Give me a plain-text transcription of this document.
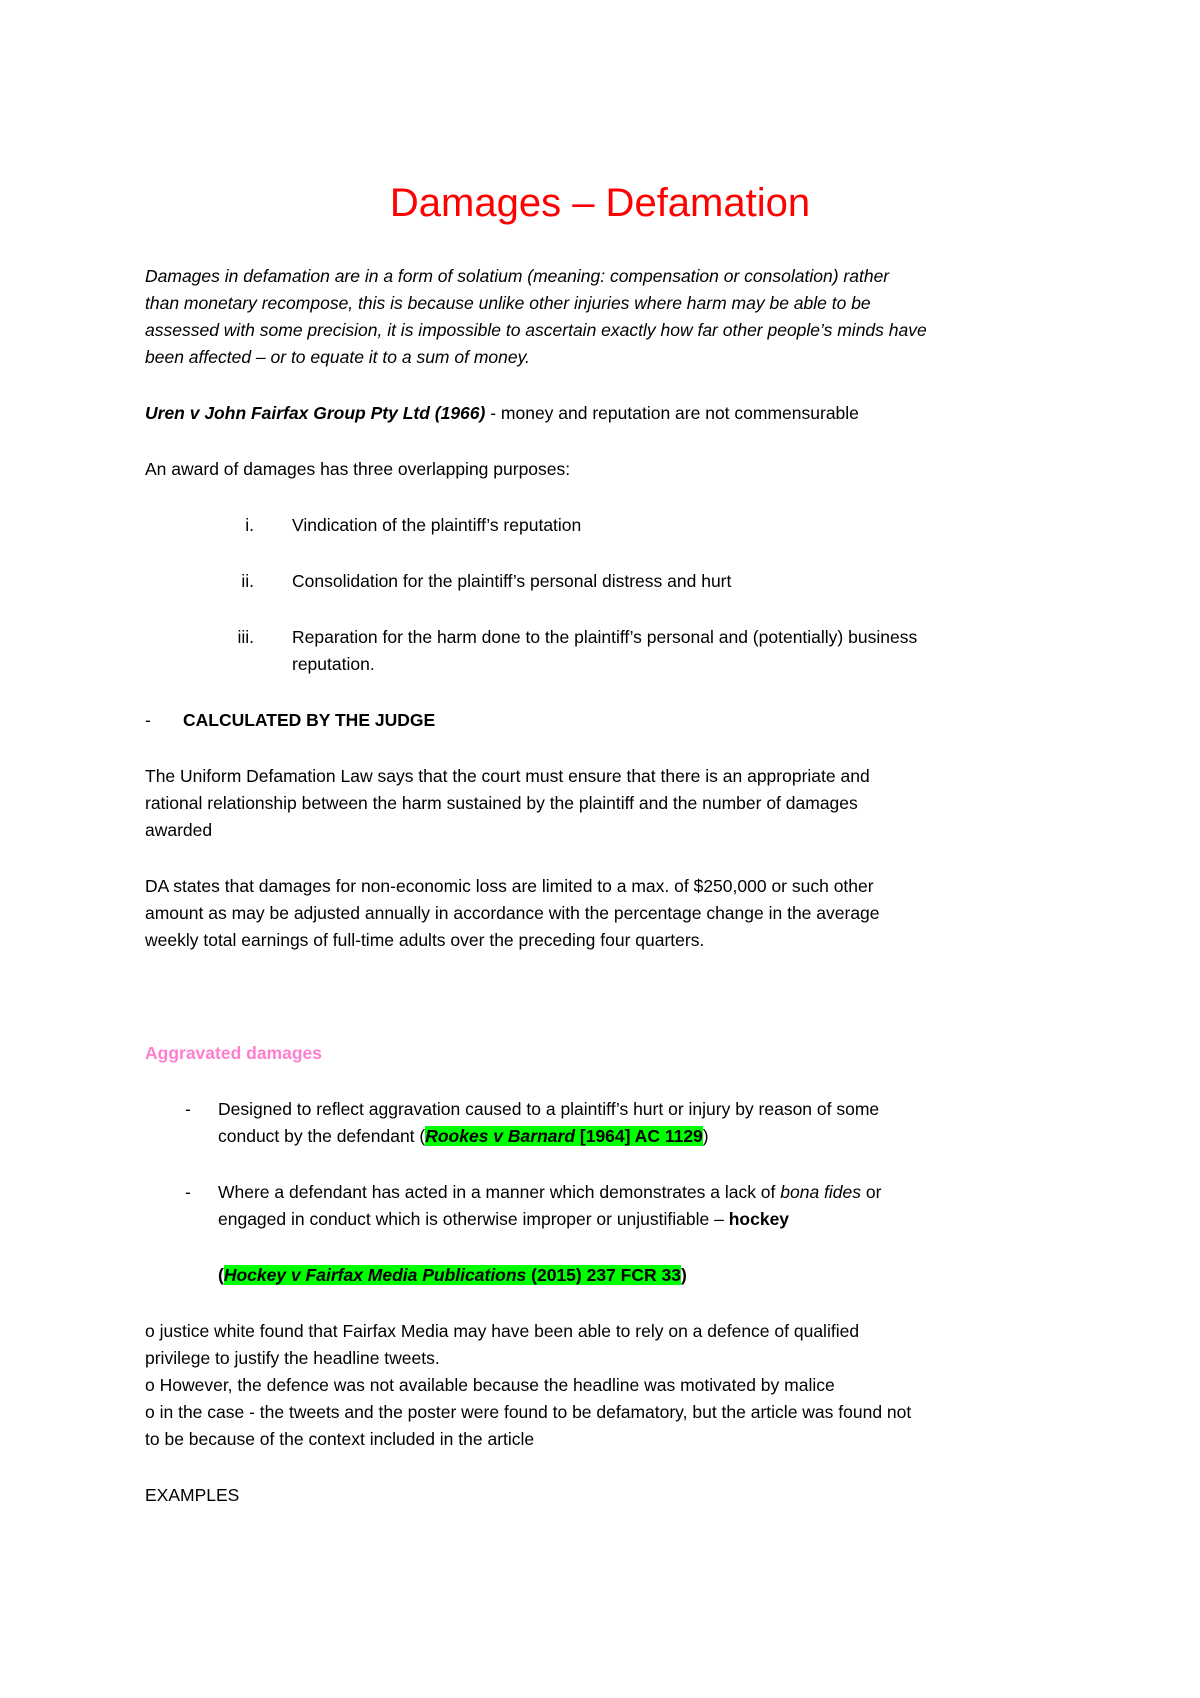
Damages – Defamation
Damages in defamation are in a form of solatium (meaning: compensation or consolation) rather
than monetary recompose, this is because unlike other injuries where harm may be able to be
assessed with some precision, it is impossible to ascertain exactly how far other people’s minds have
been affected – or to equate it to a sum of money.
Uren v John Fairfax Group Pty Ltd (1966) - money and reputation are not commensurable
An award of damages has three overlapping purposes:
i. Vindication of the plaintiff’s reputation
ii. Consolidation for the plaintiff’s personal distress and hurt
iii. Reparation for the harm done to the plaintiff’s personal and (potentially) business
reputation.
- CALCULATED BY THE JUDGE
The Uniform Defamation Law says that the court must ensure that there is an appropriate and
rational relationship between the harm sustained by the plaintiff and the number of damages
awarded
DA states that damages for non-economic loss are limited to a max. of $250,000 or such other
amount as may be adjusted annually in accordance with the percentage change in the average
weekly total earnings of full-time adults over the preceding four quarters.
Aggravated damages
- Designed to reflect aggravation caused to a plaintiff’s hurt or injury by reason of some
conduct by the defendant (Rookes v Barnard [1964] AC 1129)
- Where a defendant has acted in a manner which demonstrates a lack of bona fides or
engaged in conduct which is otherwise improper or unjustifiable – hockey
(Hockey v Fairfax Media Publications (2015) 237 FCR 33)
o justice white found that Fairfax Media may have been able to rely on a defence of qualified
privilege to justify the headline tweets.
o However, the defence was not available because the headline was motivated by malice
o in the case - the tweets and the poster were found to be defamatory, but the article was found not
to be because of the context included in the article
EXAMPLES
